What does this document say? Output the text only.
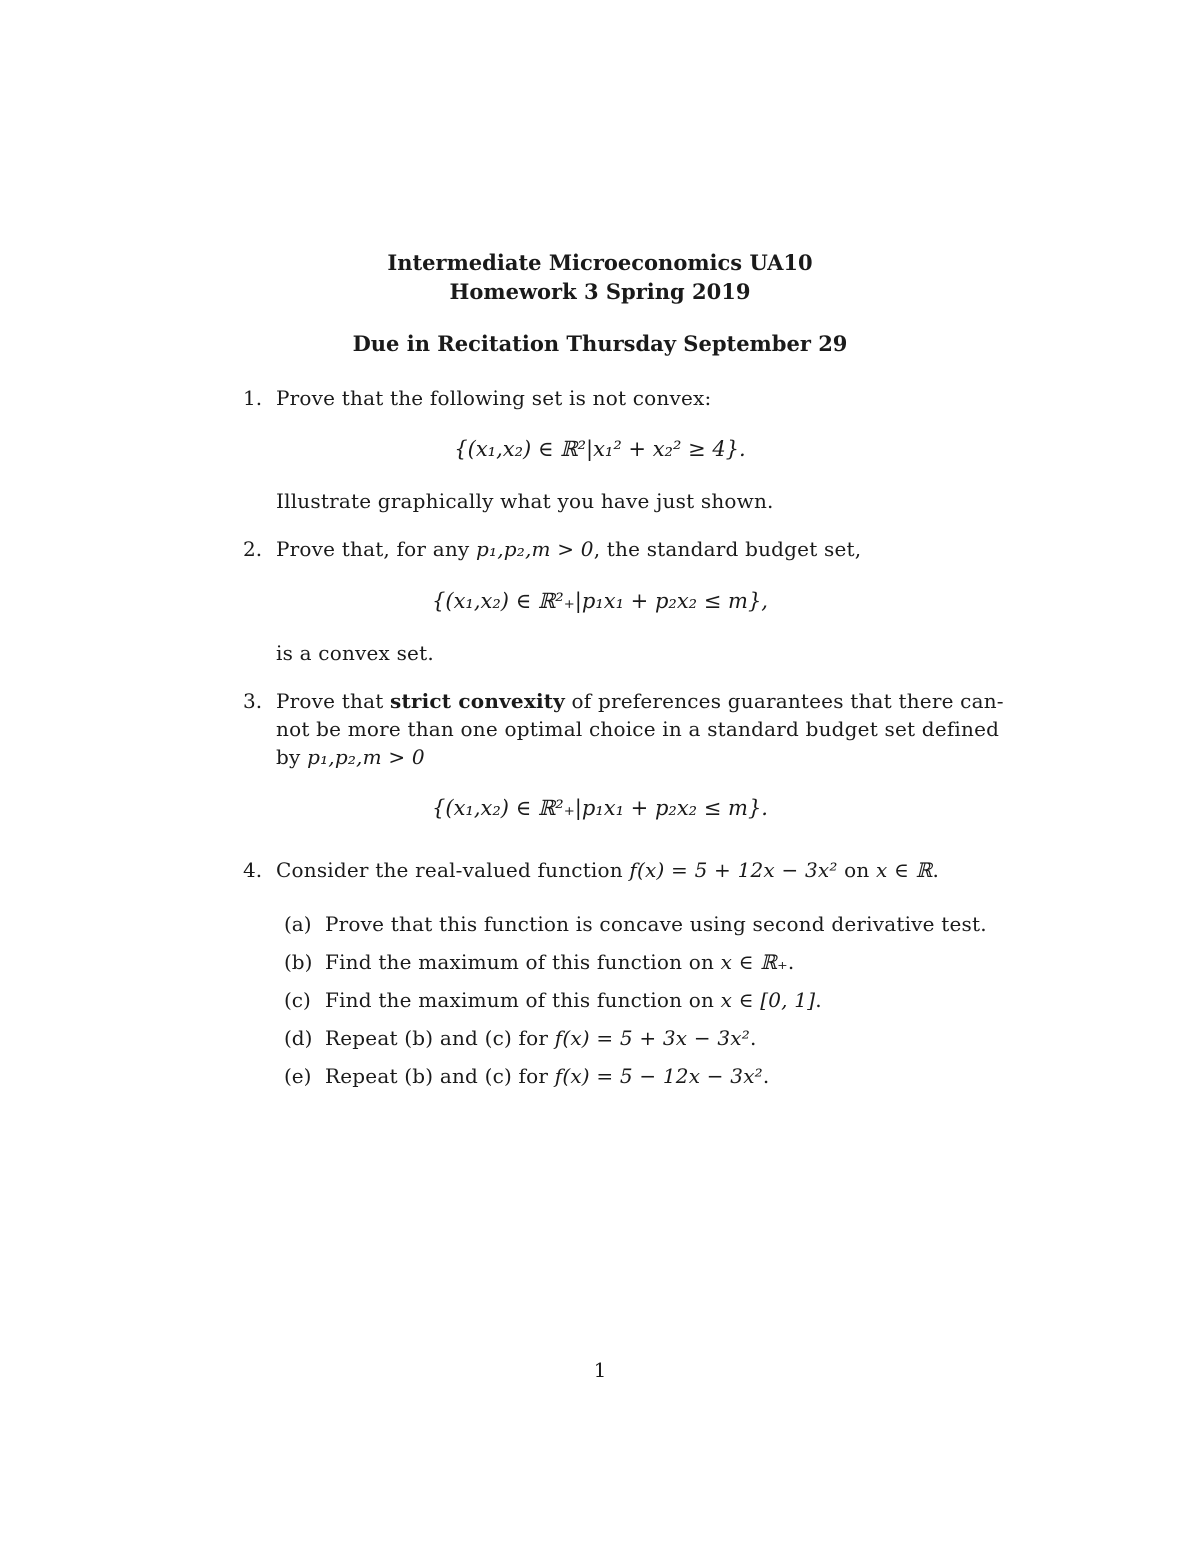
Intermediate Microeconomics UA10
Homework 3 Spring 2019
Due in Recitation Thursday September 29
1. Prove that the following set is not convex:
{(x₁,x₂) ∈ ℝ²|x₁² + x₂² ≥ 4}.
Illustrate graphically what you have just shown.
2. Prove that, for any p₁,p₂,m > 0, the standard budget set,
{(x₁,x₂) ∈ ℝ²₊|p₁x₁ + p₂x₂ ≤ m},
is a convex set.
3. Prove that strict convexity of preferences guarantees that there can-
not be more than one optimal choice in a standard budget set defined
by p₁,p₂,m > 0
{(x₁,x₂) ∈ ℝ²₊|p₁x₁ + p₂x₂ ≤ m}.
4. Consider the real-valued function f(x) = 5 + 12x − 3x² on x ∈ ℝ.
(a) Prove that this function is concave using second derivative test.
(b) Find the maximum of this function on x ∈ ℝ₊.
(c) Find the maximum of this function on x ∈ [0, 1].
(d) Repeat (b) and (c) for f(x) = 5 + 3x − 3x².
(e) Repeat (b) and (c) for f(x) = 5 − 12x − 3x².
1
